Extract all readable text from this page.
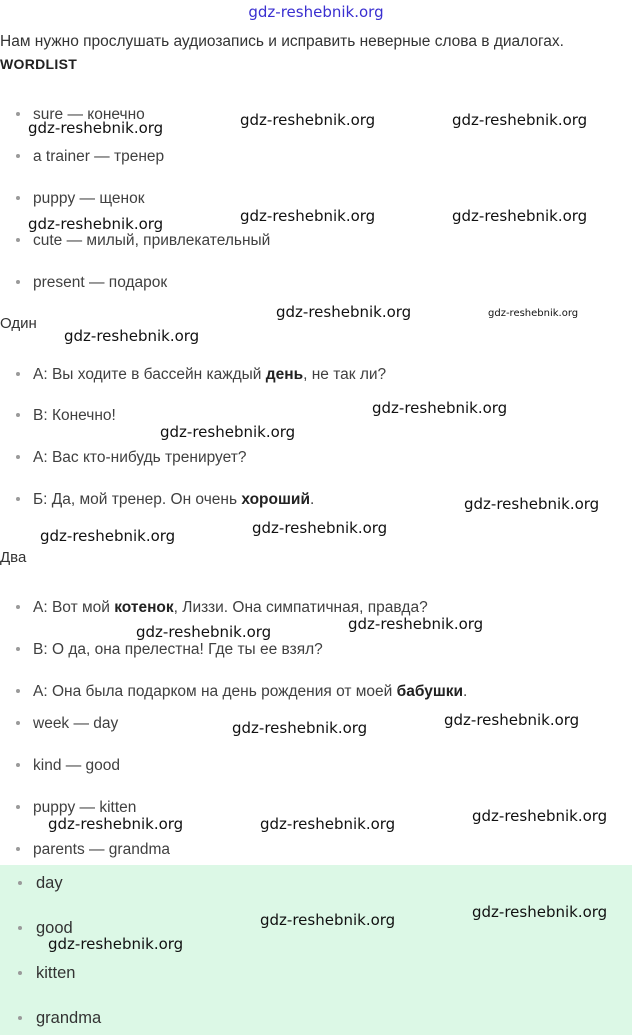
gdz-reshebnik.org
Нам нужно прослушать аудиозапись и исправить неверные слова в диалогах.
WORDLIST
sure — конечно
a trainer — тренер
puppy — щенок
cute — милый, привлекательный
present — подарок
Один
А: Вы ходите в бассейн каждый день, не так ли?
В: Конечно!
А: Вас кто-нибудь тренирует?
Б: Да, мой тренер. Он очень хороший.
Два
А: Вот мой котенок, Лиззи. Она симпатичная, правда?
В: О да, она прелестна! Где ты ее взял?
А: Она была подарком на день рождения от моей бабушки.
week — day
kind — good
puppy — kitten
parents — grandma
day
good
kitten
grandma
gdz-reshebnik.org	gdz-reshebnik.org	gdz-reshebnik.org
gdz-reshebnik.org	gdz-reshebnik.org	gdz-reshebnik.org
gdz-reshebnik.org	gdz-reshebnik.org
gdz-reshebnik.org
gdz-reshebnik.org
gdz-reshebnik.org
gdz-reshebnik.org
gdz-reshebnik.org
gdz-reshebnik.org
gdz-reshebnik.org
gdz-reshebnik.org
gdz-reshebnik.org
gdz-reshebnik.org
gdz-reshebnik.org
gdz-reshebnik.org	gdz-reshebnik.org
gdz-reshebnik.org
gdz-reshebnik.org
gdz-reshebnik.org
